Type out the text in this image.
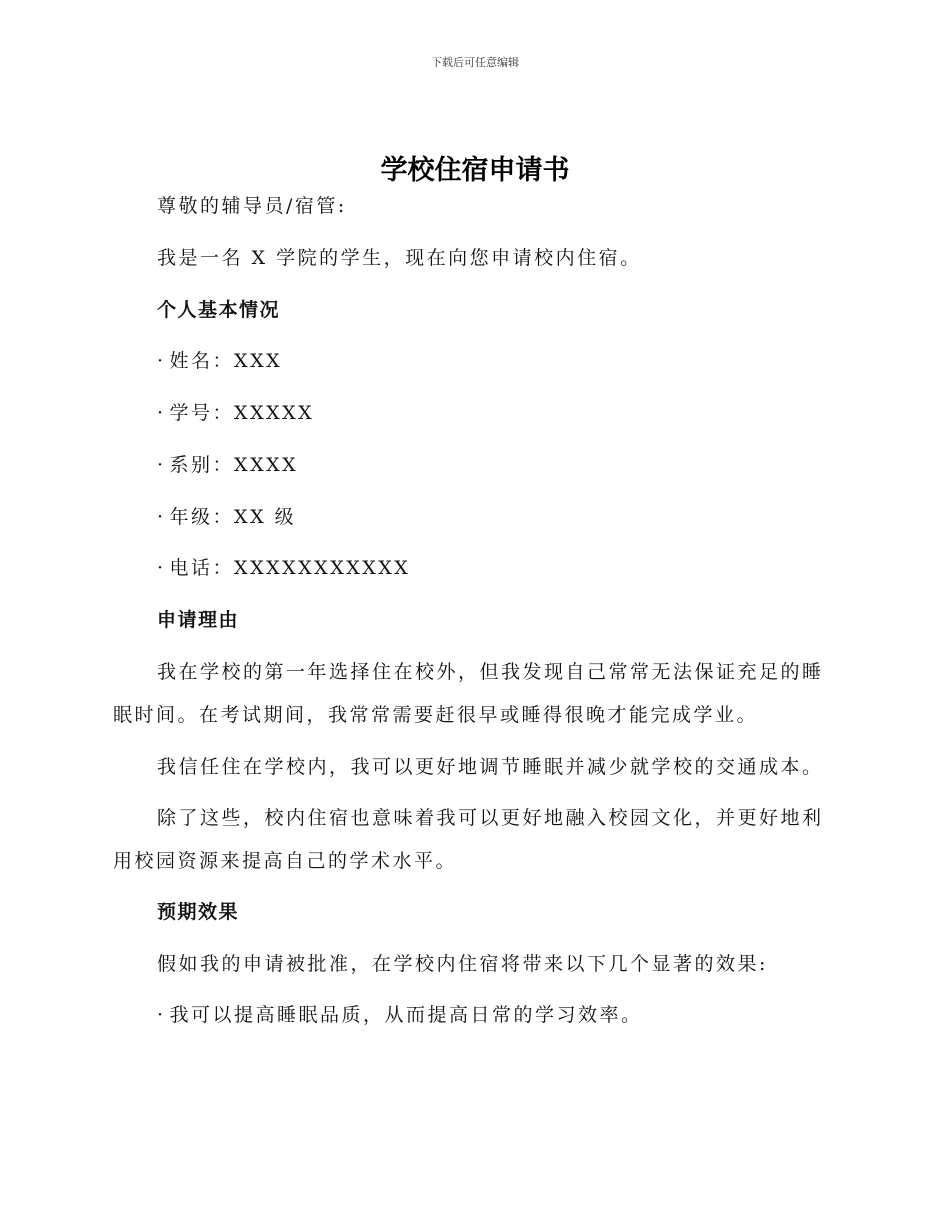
下载后可任意编辑
学校住宿申请书
尊敬的辅导员/宿管:
我是一名 X 学院的学生，现在向您申请校内住宿。
个人基本情况
· 姓名：XXX
· 学号：XXXXX
· 系别：XXXX
· 年级：XX 级
· 电话：XXXXXXXXXXX
申请理由
我在学校的第一年选择住在校外，但我发现自己常常无法保证充足的睡
眠时间。在考试期间，我常常需要赶很早或睡得很晚才能完成学业。
我信任住在学校内，我可以更好地调节睡眠并减少就学校的交通成本。
除了这些，校内住宿也意味着我可以更好地融入校园文化，并更好地利
用校园资源来提高自己的学术水平。
预期效果
假如我的申请被批准，在学校内住宿将带来以下几个显著的效果:
· 我可以提高睡眠品质，从而提高日常的学习效率。
